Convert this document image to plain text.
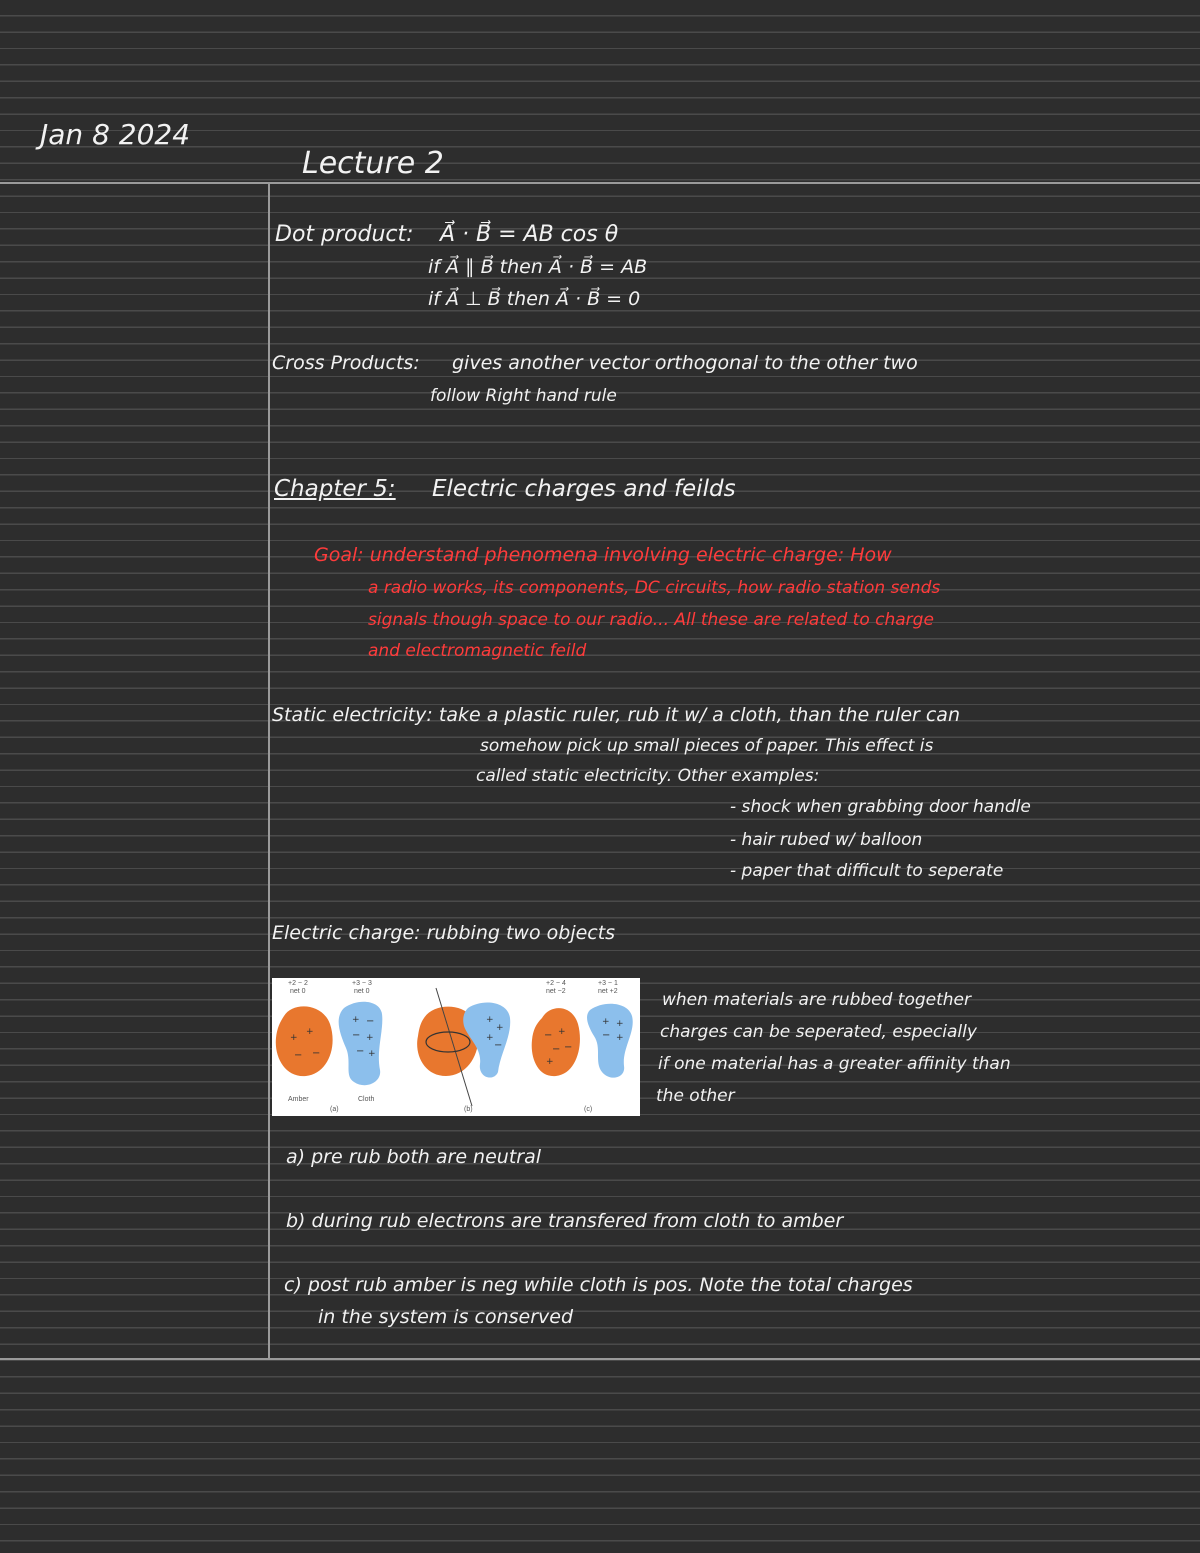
Jan 8 2024
Lecture 2
Dot product: A⃗ · B⃗ = AB cos θ
if A⃗ ∥ B⃗ then A⃗ · B⃗ = AB
if A⃗ ⊥ B⃗ then A⃗ · B⃗ = 0
Cross Products: gives another vector orthogonal to the other two
follow Right hand rule
Chapter 5: Electric charges and feilds
Goal: understand phenomena involving electric charge: How
a radio works, its components, DC circuits, how radio station sends
signals though space to our radio... All these are related to charge
and electromagnetic feild
Static electricity: take a plastic ruler, rub it w/ a cloth, than the ruler can
somehow pick up small pieces of paper. This effect is
called static electricity. Other examples:
- shock when grabbing door handle
- hair rubed w/ balloon
- paper that difficult to seperate
Electric charge: rubbing two objects
+
+
− −
+ −
− +
− +
+
+
+
−
− +
− −
+
+ +
− +
+2 − 2
net 0
+3 − 3
net 0
+2 − 4
net −2
+3 − 1
net +2
Amber	Cloth
(a)	(b)	(c)
when materials are rubbed together
charges can be seperated, especially
if one material has a greater affinity than
the other
a) pre rub both are neutral
b) during rub electrons are transfered from cloth to amber
c) post rub amber is neg while cloth is pos. Note the total charges
in the system is conserved
